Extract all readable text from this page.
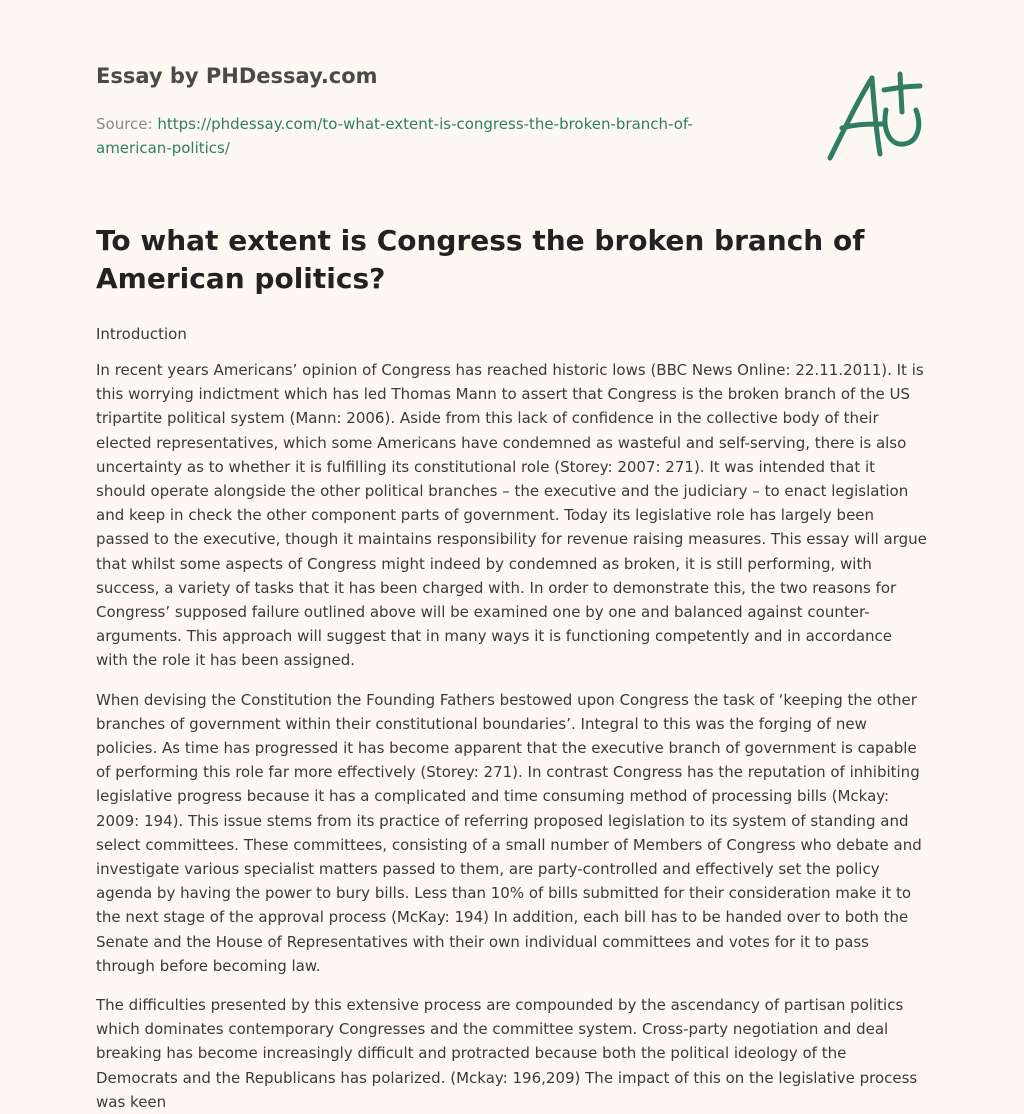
Essay by PHDessay.com
Source: https://phdessay.com/to-what-extent-is-congress-the-broken-branch-of-american-politics/
To what extent is Congress the broken branch of American politics?
Introduction

In recent years Americans’ opinion of Congress has reached historic lows (BBC News Online: 22.11.2011). It is this worrying indictment which has led Thomas Mann to assert that Congress is the broken branch of the US tripartite political system (Mann: 2006). Aside from this lack of confidence in the collective body of their elected representatives, which some Americans have condemned as wasteful and self-serving, there is also uncertainty as to whether it is fulfilling its constitutional role (Storey: 2007: 271). It was intended that it should operate alongside the other political branches – the executive and the judiciary – to enact legislation and keep in check the other component parts of government. Today its legislative role has largely been passed to the executive, though it maintains responsibility for revenue raising measures. This essay will argue that whilst some aspects of Congress might indeed by condemned as broken, it is still performing, with success, a variety of tasks that it has been charged with. In order to demonstrate this, the two reasons for Congress’ supposed failure outlined above will be examined one by one and balanced against counter-arguments. This approach will suggest that in many ways it is functioning competently and in accordance with the role it has been assigned.

When devising the Constitution the Founding Fathers bestowed upon Congress the task of ‘keeping the other branches of government within their constitutional boundaries’. Integral to this was the forging of new policies. As time has progressed it has become apparent that the executive branch of government is capable of performing this role far more effectively (Storey: 271). In contrast Congress has the reputation of inhibiting legislative progress because it has a complicated and time consuming method of processing bills (Mckay: 2009: 194). This issue stems from its practice of referring proposed legislation to its system of standing and select committees. These committees, consisting of a small number of Members of Congress who debate and investigate various specialist matters passed to them, are party-controlled and effectively set the policy agenda by having the power to bury bills. Less than 10% of bills submitted for their consideration make it to the next stage of the approval process (McKay: 194) In addition, each bill has to be handed over to both the Senate and the House of Representatives with their own individual committees and votes for it to pass through before becoming law.

The difficulties presented by this extensive process are compounded by the ascendancy of partisan politics which dominates contemporary Congresses and the committee system. Cross-party negotiation and deal breaking has become increasingly difficult and protracted because both the political ideology of the Democrats and the Republicans has polarized. (Mckay: 196,209) The impact of this on the legislative process was keen
